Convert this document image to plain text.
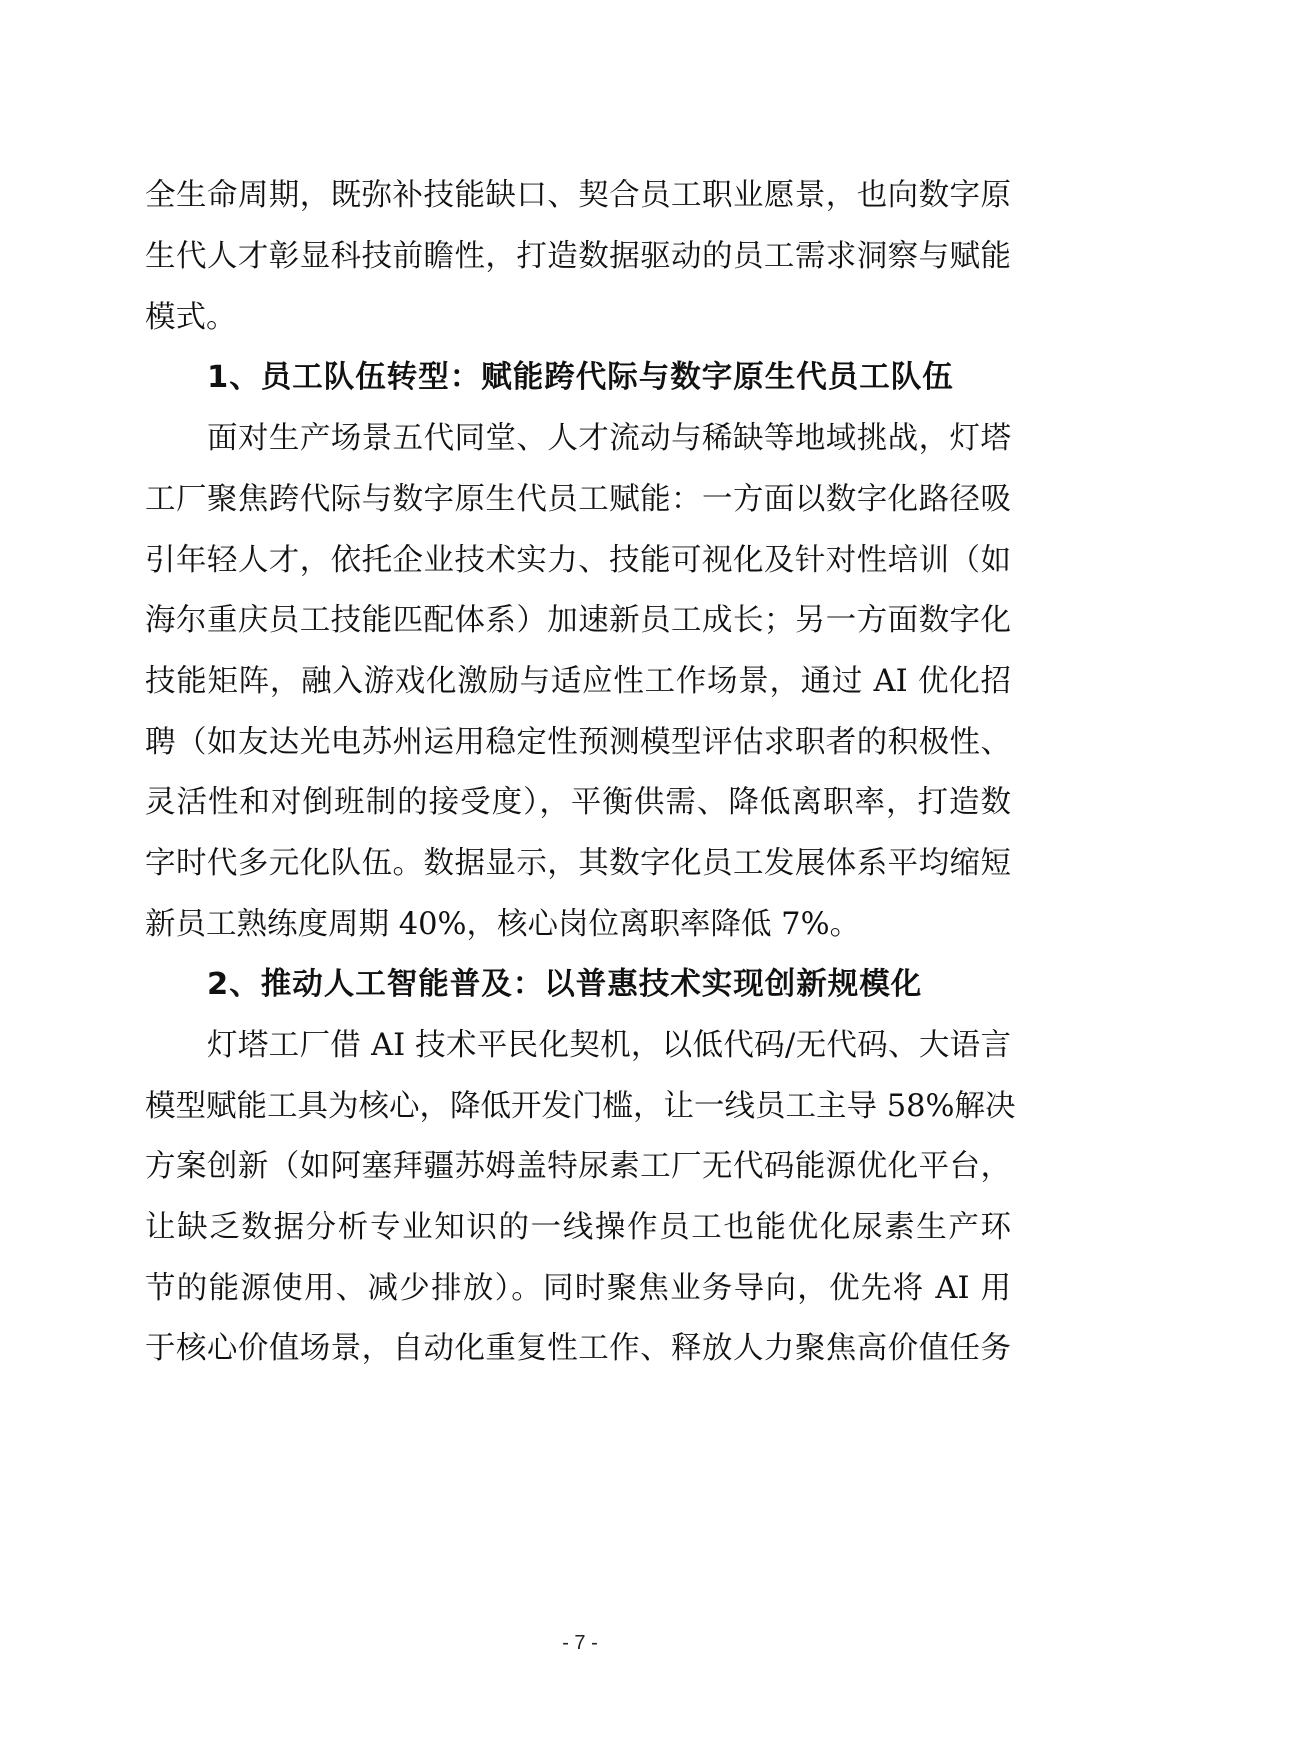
全生命周期，既弥补技能缺口、契合员工职业愿景，也向数字原
生代人才彰显科技前瞻性，打造数据驱动的员工需求洞察与赋能
模式。
1、员工队伍转型：赋能跨代际与数字原生代员工队伍
面对生产场景五代同堂、人才流动与稀缺等地域挑战，灯塔
工厂聚焦跨代际与数字原生代员工赋能：一方面以数字化路径吸
引年轻人才，依托企业技术实力、技能可视化及针对性培训（如
海尔重庆员工技能匹配体系）加速新员工成长；另一方面数字化
技能矩阵，融入游戏化激励与适应性工作场景，通过 AI 优化招
聘（如友达光电苏州运用稳定性预测模型评估求职者的积极性、
灵活性和对倒班制的接受度），平衡供需、降低离职率，打造数
字时代多元化队伍。数据显示，其数字化员工发展体系平均缩短
新员工熟练度周期 40%，核心岗位离职率降低 7%。
2、推动人工智能普及：以普惠技术实现创新规模化
灯塔工厂借 AI 技术平民化契机，以低代码/无代码、大语言
模型赋能工具为核心，降低开发门槛，让一线员工主导 58%解决
方案创新（如阿塞拜疆苏姆盖特尿素工厂无代码能源优化平台，
让缺乏数据分析专业知识的一线操作员工也能优化尿素生产环
节的能源使用、减少排放）。同时聚焦业务导向，优先将 AI 用
于核心价值场景，自动化重复性工作、释放人力聚焦高价值任务
- 7 -
